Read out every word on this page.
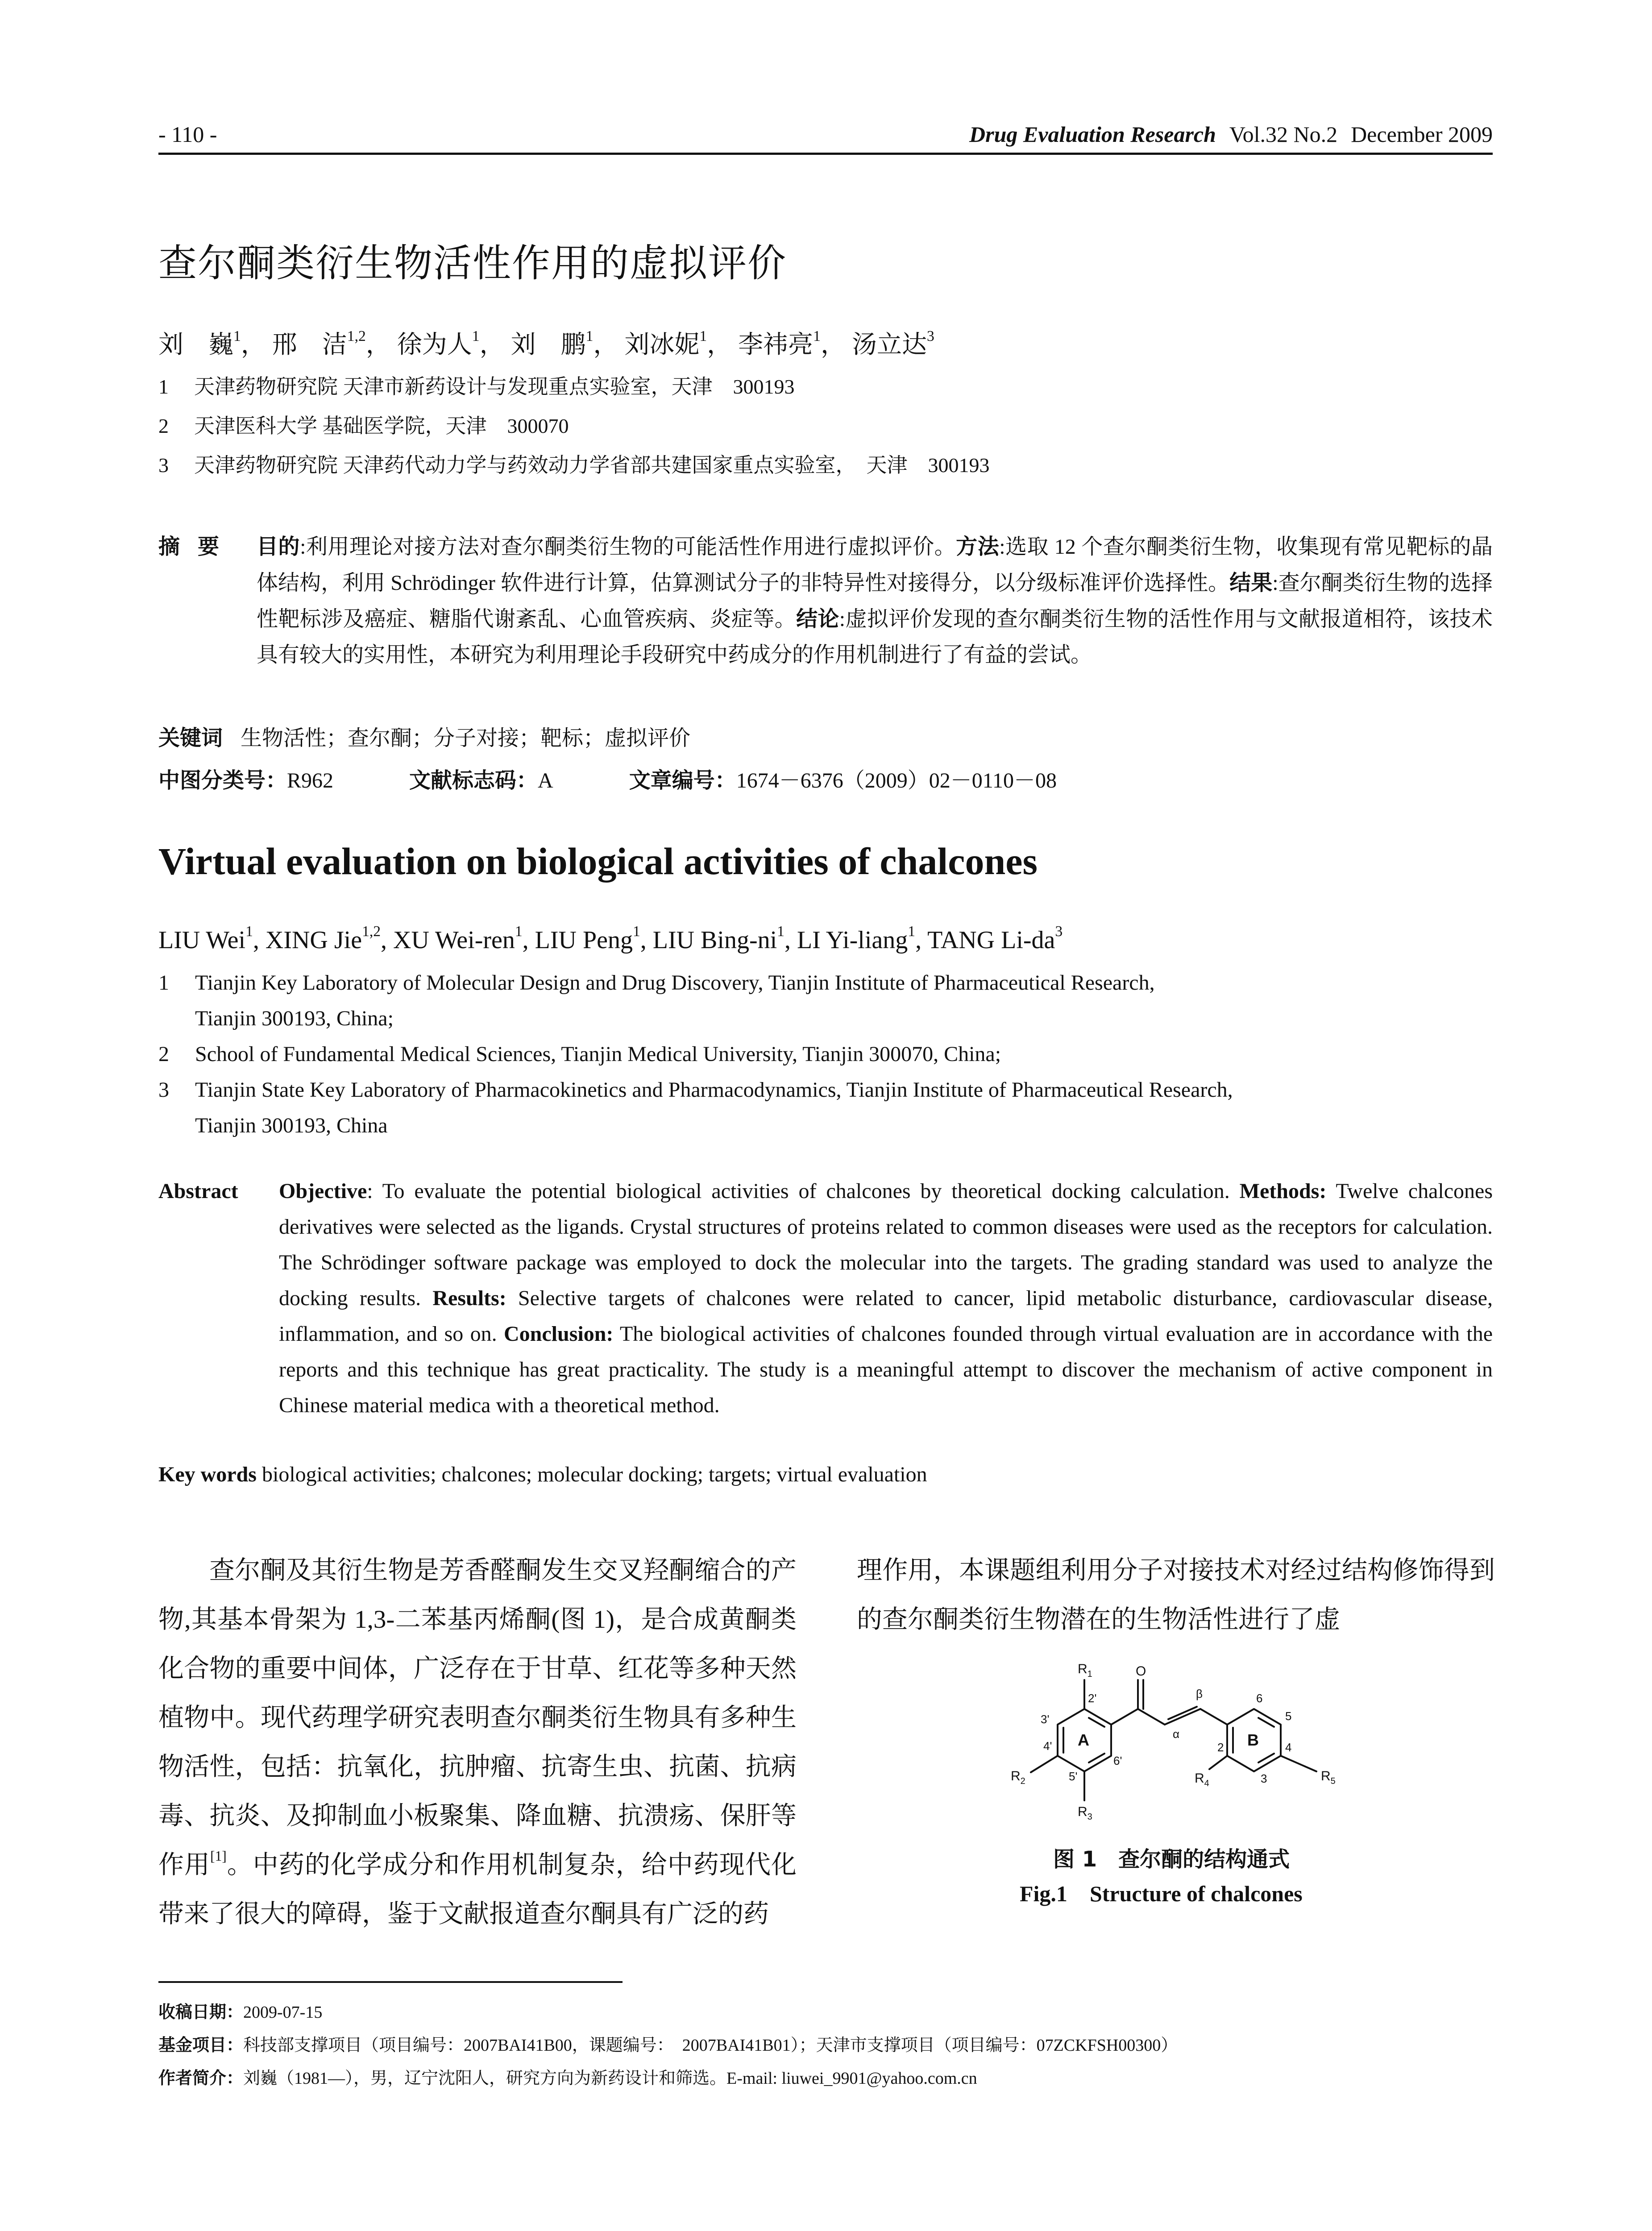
- 110 -	Drug Evaluation Research Vol.32 No.2 December 2009
查尔酮类衍生物活性作用的虚拟评价
刘　巍$^1$， 邢　洁$^{1,2}$， 徐为人$^1$， 刘　鹏$^1$， 刘冰妮$^1$， 李祎亮$^1$， 汤立达$^3$
1 天津药物研究院 天津市新药设计与发现重点实验室，天津　300193
2 天津医科大学 基础医学院，天津　300070
3 天津药物研究院 天津药代动力学与药效动力学省部共建国家重点实验室，　天津　300193
摘要 目的:利用理论对接方法对查尔酮类衍生物的可能活性作用进行虚拟评价。方法:选取 12 个查尔酮类衍生物，收集现有常见靶标的晶体结构，利用 Schrödinger 软件进行计算，估算测试分子的非特异性对接得分，以分级标准评价选择性。结果:查尔酮类衍生物的选择性靶标涉及癌症、糖脂代谢紊乱、心血管疾病、炎症等。结论:虚拟评价发现的查尔酮类衍生物的活性作用与文献报道相符，该技术具有较大的实用性，本研究为利用理论手段研究中药成分的作用机制进行了有益的尝试。
关键词 生物活性；查尔酮；分子对接；靶标；虚拟评价
中图分类号：R962	文献标志码：A	文章编号：1674－6376（2009）02－0110－08
Virtual evaluation on biological activities of chalcones
LIU Wei$^1$, XING Jie$^{1,2}$, XU Wei-ren$^1$, LIU Peng$^1$, LIU Bing-$ni^1$, LI Yi-liang$^1$, TANG $Li-da^3$
1 Tianjin Key Laboratory of Molecular Design and Drug Discovery, Tianjin Institute of Pharmaceutical Research,
Tianjin 300193, China;
2 School of Fundamental Medical Sciences, Tianjin Medical University, Tianjin 300070, China;
3 Tianjin State Key Laboratory of Pharmacokinetics and Pharmacodynamics, Tianjin Institute of Pharmaceutical Research,
Tianjin 300193, China
Abstract Objective: To evaluate the potential biological activities of chalcones by theoretical docking calculation. Methods: Twelve chalcones derivatives were selected as the ligands. Crystal structures of proteins related to common diseases were used as the receptors for calculation. The Schrödinger software package was employed to dock the molecular into the targets. The grading standard was used to analyze the docking results. Results: Selective targets of chalcones were related to cancer, lipid metabolic disturbance, cardiovascular disease, inflammation, and so on. Conclusion: The biological activities of chalcones founded through virtual evaluation are in accordance with the reports and this technique has great practicality. The study is a meaningful attempt to discover the mechanism of active component in Chinese material medica with a theoretical method.
Key words biological activities; chalcones; molecular docking; targets; virtual evaluation

查尔酮及其衍生物是芳香醛酮发生交叉羟酮缩合的产物,其基本骨架为 1,3-二苯基丙烯酮(图 1)，是合成黄酮类化合物的重要中间体，广泛存在于甘草、红花等多种天然植物中。现代药理学研究表明查尔酮类衍生物具有多种生物活性，包括：抗氧化，抗肿瘤、抗寄生虫、抗菌、抗病毒、抗炎、及抑制血小板聚集、降血糖、抗溃疡、保肝等作用[1]。中药的化学成分和作用机制复杂，给中药现代化带来了很大的障碍，鉴于文献报道查尔酮具有广泛的药

理作用，本课题组利用分子对接技术对经过结构修饰得到的查尔酮类衍生物潜在的生物活性进行了虚

$R_1$
$R_2$
$R_3$
$R_4$	$R_5$
O
α
β
A	B
2'
3'
4'
5'
6'
2
3
4
5
6
图 1　查尔酮的结构通式
Fig.1 Structure of chalcones
收稿日期：2009-07-15
基金项目：科技部支撑项目（项目编号：2007BAI41B00，课题编号：　2007BAI41B01）；天津市支撑项目（项目编号：07ZCKFSH00300）
作者简介：刘巍（1981—），男，辽宁沈阳人，研究方向为新药设计和筛选。E-mail: liuwei_9901@yahoo.com.cn
